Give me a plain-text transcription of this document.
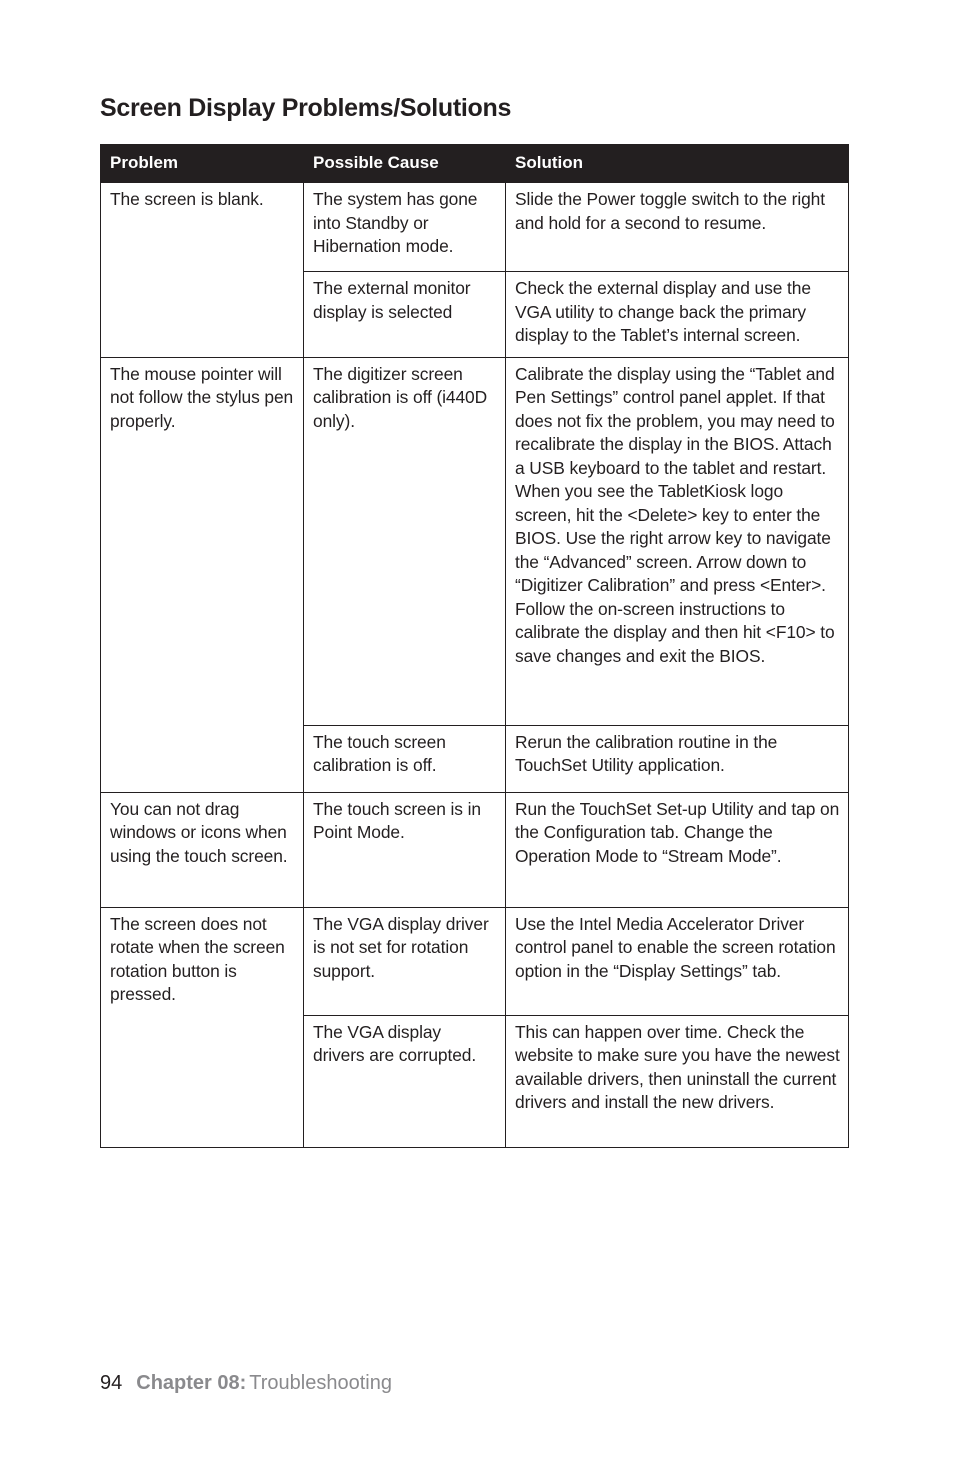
Screen Display Problems/Solutions
Problem	Possible Cause	Solution
The screen is blank.	The system has gone into Standby or Hibernation mode.	Slide the Power toggle switch to the right and hold for a second to resume.
	The external monitor display is selected	Check the external display and use the VGA utility to change back the primary display to the Tablet’s internal screen.
The mouse pointer will not follow the stylus pen properly.	The digitizer screen calibration is off (i440D only).	Calibrate the display using the “Tablet and Pen Settings” control panel applet. If that does not fix the problem, you may need to recalibrate the display in the BIOS. Attach a USB keyboard to the tablet and restart. When you see the TabletKiosk logo screen, hit the <Delete> key to enter the BIOS. Use the right arrow key to navigate the “Advanced” screen. Arrow down to “Digitizer Calibration” and press <Enter>. Follow the on-screen instructions to calibrate the display and then hit <F10> to save changes and exit the BIOS.
	The touch screen calibration is off.	Rerun the calibration routine in the TouchSet Utility application.
You can not drag windows or icons when using the touch screen.	The touch screen is in Point Mode.	Run the TouchSet Set-up Utility and tap on the Configuration tab. Change the Operation Mode to “Stream Mode”.
The screen does not rotate when the screen rotation button is pressed.	The VGA display driver is not set for rotation support.	Use the Intel Media Accelerator Driver control panel to enable the screen rotation option in the “Display Settings” tab.
	The VGA display drivers are corrupted.	This can happen over time. Check the website to make sure you have the newest available drivers, then uninstall the current drivers and install the new drivers.
94 Chapter 08: Troubleshooting
